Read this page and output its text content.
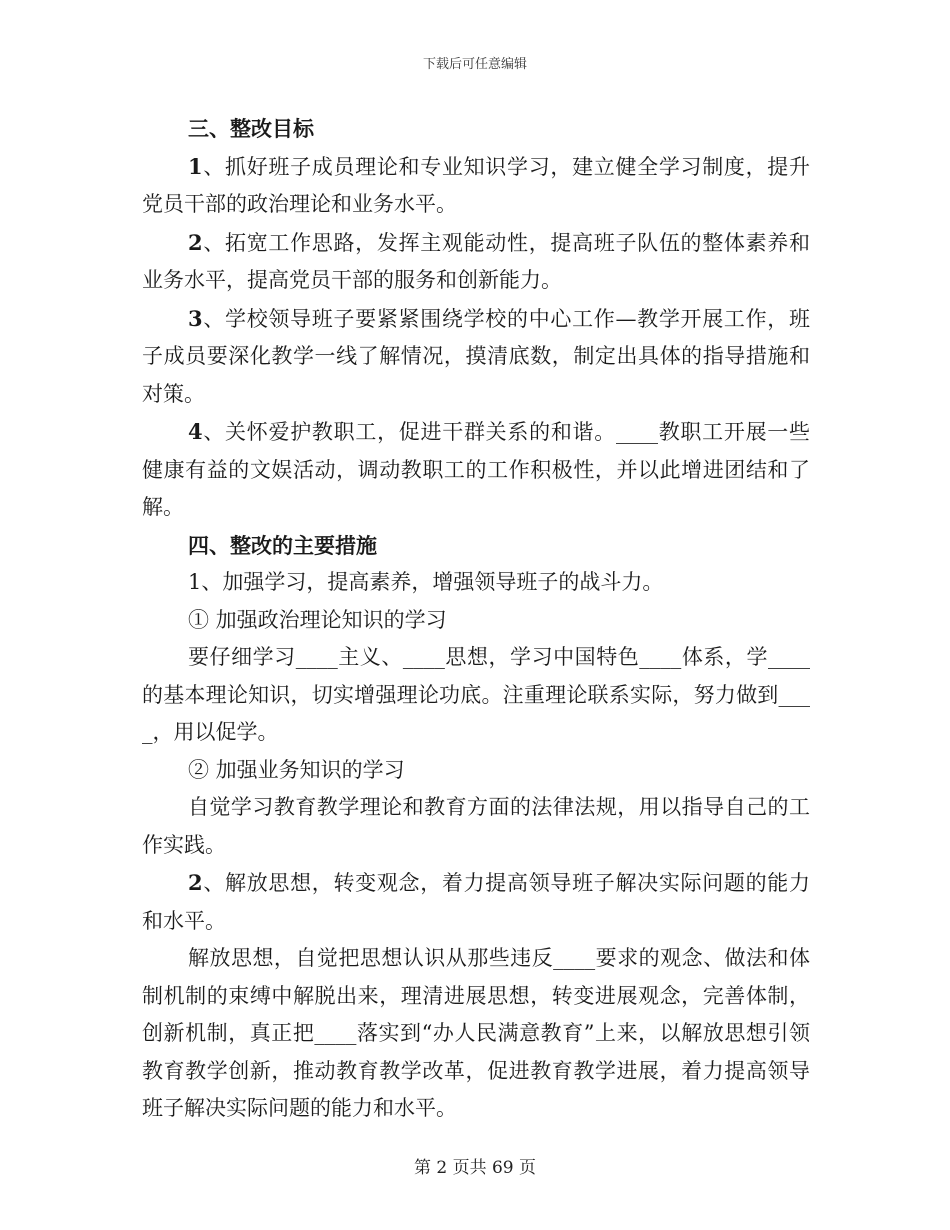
下载后可任意编辑

三、整改目标

1、抓好班子成员理论和专业知识学习，建立健全学习制度，提升党员干部的政治理论和业务水平。

2、拓宽工作思路，发挥主观能动性，提高班子队伍的整体素养和业务水平，提高党员干部的服务和创新能力。

3、学校领导班子要紧紧围绕学校的中心工作—教学开展工作，班子成员要深化教学一线了解情况，摸清底数，制定出具体的指导措施和对策。

4、关怀爱护教职工，促进干群关系的和谐。____教职工开展一些健康有益的文娱活动，调动教职工的工作积极性，并以此增进团结和了解。

四、整改的主要措施

1、加强学习，提高素养，增强领导班子的战斗力。

① 加强政治理论知识的学习

要仔细学习____主义、____思想，学习中国特色____体系，学____的基本理论知识，切实增强理论功底。注重理论联系实际，努力做到____，用以促学。

② 加强业务知识的学习

自觉学习教育教学理论和教育方面的法律法规，用以指导自己的工作实践。

2、解放思想，转变观念，着力提高领导班子解决实际问题的能力和水平。

解放思想，自觉把思想认识从那些违反____要求的观念、做法和体制机制的束缚中解脱出来，理清进展思想，转变进展观念，完善体制，创新机制，真正把____落实到“办人民满意教育”上来，以解放思想引领教育教学创新，推动教育教学改革，促进教育教学进展，着力提高领导班子解决实际问题的能力和水平。

第 2 页共 69 页
